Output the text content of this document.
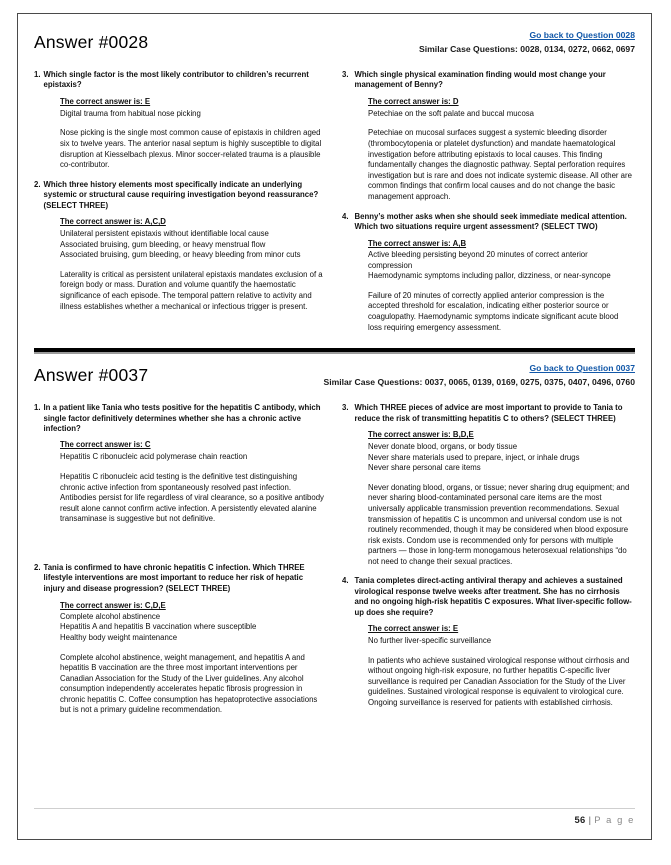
Answer #0028	Go back to Question 0028
Similar Case Questions: 0028, 0134, 0272, 0662, 0697
1. Which single factor is the most likely contributor to children’s recurrent epistaxis?
The correct answer is: E
Digital trauma from habitual nose picking
Nose picking is the single most common cause of epistaxis in children aged six to twelve years. The anterior nasal septum is highly susceptible to digital disruption at Kiesselbach plexus. Minor soccer-related trauma is a plausible co-contributor.
2. Which three history elements most specifically indicate an underlying systemic or structural cause requiring investigation beyond reassurance? (SELECT THREE)
The correct answer is: A,C,D
Unilateral persistent epistaxis without identifiable local cause
Associated bruising, gum bleeding, or heavy menstrual flow
Associated bruising, gum bleeding, or heavy bleeding from minor cuts
Laterality is critical as persistent unilateral epistaxis mandates exclusion of a foreign body or mass. Duration and volume quantify the haemostatic significance of each episode. The temporal pattern relative to activity and illness establishes whether a mechanical or infectious trigger is present.
3. Which single physical examination finding would most change your management of Benny?
The correct answer is: D
Petechiae on the soft palate and buccal mucosa
Petechiae on mucosal surfaces suggest a systemic bleeding disorder (thrombocytopenia or platelet dysfunction) and mandate haematological investigation before attributing epistaxis to local causes. This finding fundamentally changes the diagnostic pathway. Septal perforation requires investigation but is rare and does not indicate systemic disease. All other are common findings that confirm local causes and do not change the basic management approach.
4. Benny’s mother asks when she should seek immediate medical attention. Which two situations require urgent assessment? (SELECT TWO)
The correct answer is: A,B
Active bleeding persisting beyond 20 minutes of correct anterior compression
Haemodynamic symptoms including pallor, dizziness, or near-syncope
Failure of 20 minutes of correctly applied anterior compression is the accepted threshold for escalation, indicating either posterior source or coagulopathy. Haemodynamic symptoms indicate significant acute blood loss requiring emergency assessment.
Answer #0037	Go back to Question 0037
Similar Case Questions: 0037, 0065, 0139, 0169, 0275, 0375, 0407, 0496, 0760
1. In a patient like Tania who tests positive for the hepatitis C antibody, which single factor definitively determines whether she has a chronic active infection?
The correct answer is: C
Hepatitis C ribonucleic acid polymerase chain reaction
Hepatitis C ribonucleic acid testing is the definitive test distinguishing chronic active infection from spontaneously resolved past infection. Antibodies persist for life regardless of viral clearance, so a positive antibody result alone cannot confirm active infection. A persistently elevated alanine transaminase is suggestive but not definitive.
2. Tania is confirmed to have chronic hepatitis C infection. Which THREE lifestyle interventions are most important to reduce her risk of hepatic injury and disease progression? (SELECT THREE)
The correct answer is: C,D,E
Complete alcohol abstinence
Hepatitis A and hepatitis B vaccination where susceptible
Healthy body weight maintenance
Complete alcohol abstinence, weight management, and hepatitis A and hepatitis B vaccination are the three most important interventions per Canadian Association for the Study of the Liver guidelines. Any alcohol consumption independently accelerates hepatic fibrosis progression in chronic hepatitis C. Coffee consumption has hepatoprotective associations but is not a primary guideline recommendation.
3. Which THREE pieces of advice are most important to provide to Tania to reduce the risk of transmitting hepatitis C to others? (SELECT THREE)
The correct answer is: B,D,E
Never donate blood, organs, or body tissue
Never share materials used to prepare, inject, or inhale drugs
Never share personal care items
Never donating blood, organs, or tissue; never sharing drug equipment; and never sharing blood-contaminated personal care items are the most universally applicable transmission prevention recommendations. Sexual transmission of hepatitis C is uncommon and universal condom use is not routinely recommended, though it may be considered when blood exposure risk exists. Condom use is recommended only for persons with multiple partners — those in long-term monogamous heterosexual relationships “do not need to change their sexual practices.
4. Tania completes direct-acting antiviral therapy and achieves a sustained virological response twelve weeks after treatment. She has no cirrhosis and no ongoing high-risk hepatitis C exposures. What liver-specific follow-up does she require?
The correct answer is: E
No further liver-specific surveillance
In patients who achieve sustained virological response without cirrhosis and without ongoing high-risk exposure, no further hepatitis C-specific liver surveillance is required per Canadian Association for the Study of the Liver guidelines. Sustained virological response is equivalent to virological cure. Ongoing surveillance is reserved for patients with established cirrhosis.
56 | P a g e
